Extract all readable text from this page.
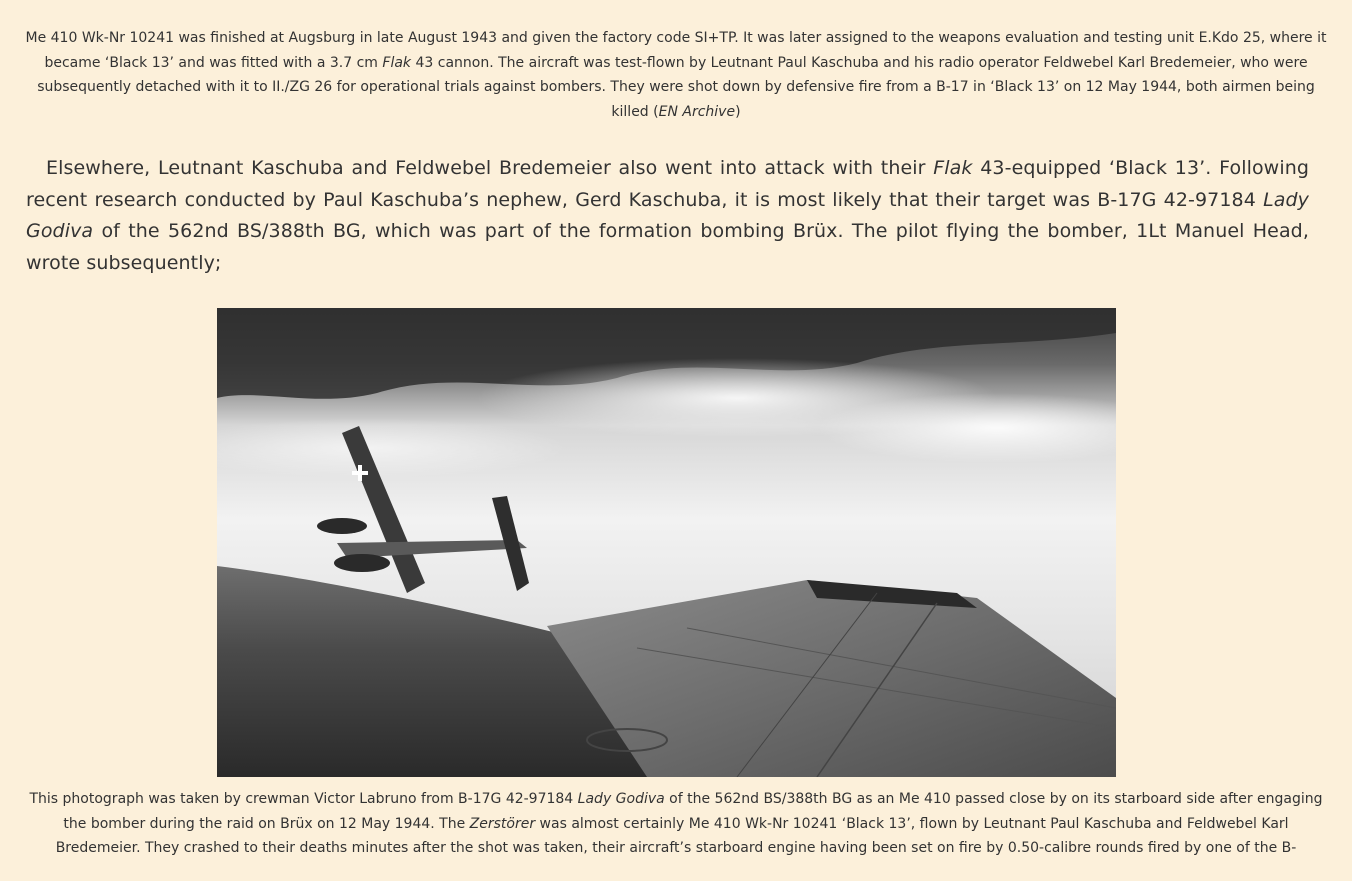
Me 410 Wk-Nr 10241 was finished at Augsburg in late August 1943 and given the factory code SI+TP. It was later assigned to the weapons evaluation and testing unit E.Kdo 25, where it became ‘Black 13’ and was fitted with a 3.7 cm Flak 43 cannon. The aircraft was test-flown by Leutnant Paul Kaschuba and his radio operator Feldwebel Karl Bredemeier, who were subsequently detached with it to II./ZG 26 for operational trials against bombers. They were shot down by defensive fire from a B-17 in ‘Black 13’ on 12 May 1944, both airmen being killed (EN Archive)

Elsewhere, Leutnant Kaschuba and Feldwebel Bredemeier also went into attack with their Flak 43-equipped ‘Black 13’. Following recent research conducted by Paul Kaschuba’s nephew, Gerd Kaschuba, it is most likely that their target was B-17G 42-97184 Lady Godiva of the 562nd BS/388th BG, which was part of the formation bombing Brüx. The pilot flying the bomber, 1Lt Manuel Head, wrote subsequently;

This photograph was taken by crewman Victor Labruno from B-17G 42-97184 Lady Godiva of the 562nd BS/388th BG as an Me 410 passed close by on its starboard side after engaging the bomber during the raid on Brüx on 12 May 1944. The Zerstörer was almost certainly Me 410 Wk-Nr 10241 ‘Black 13’, flown by Leutnant Paul Kaschuba and Feldwebel Karl Bredemeier. They crashed to their deaths minutes after the shot was taken, their aircraft’s starboard engine having been set on fire by 0.50-calibre rounds fired by one of the B-
